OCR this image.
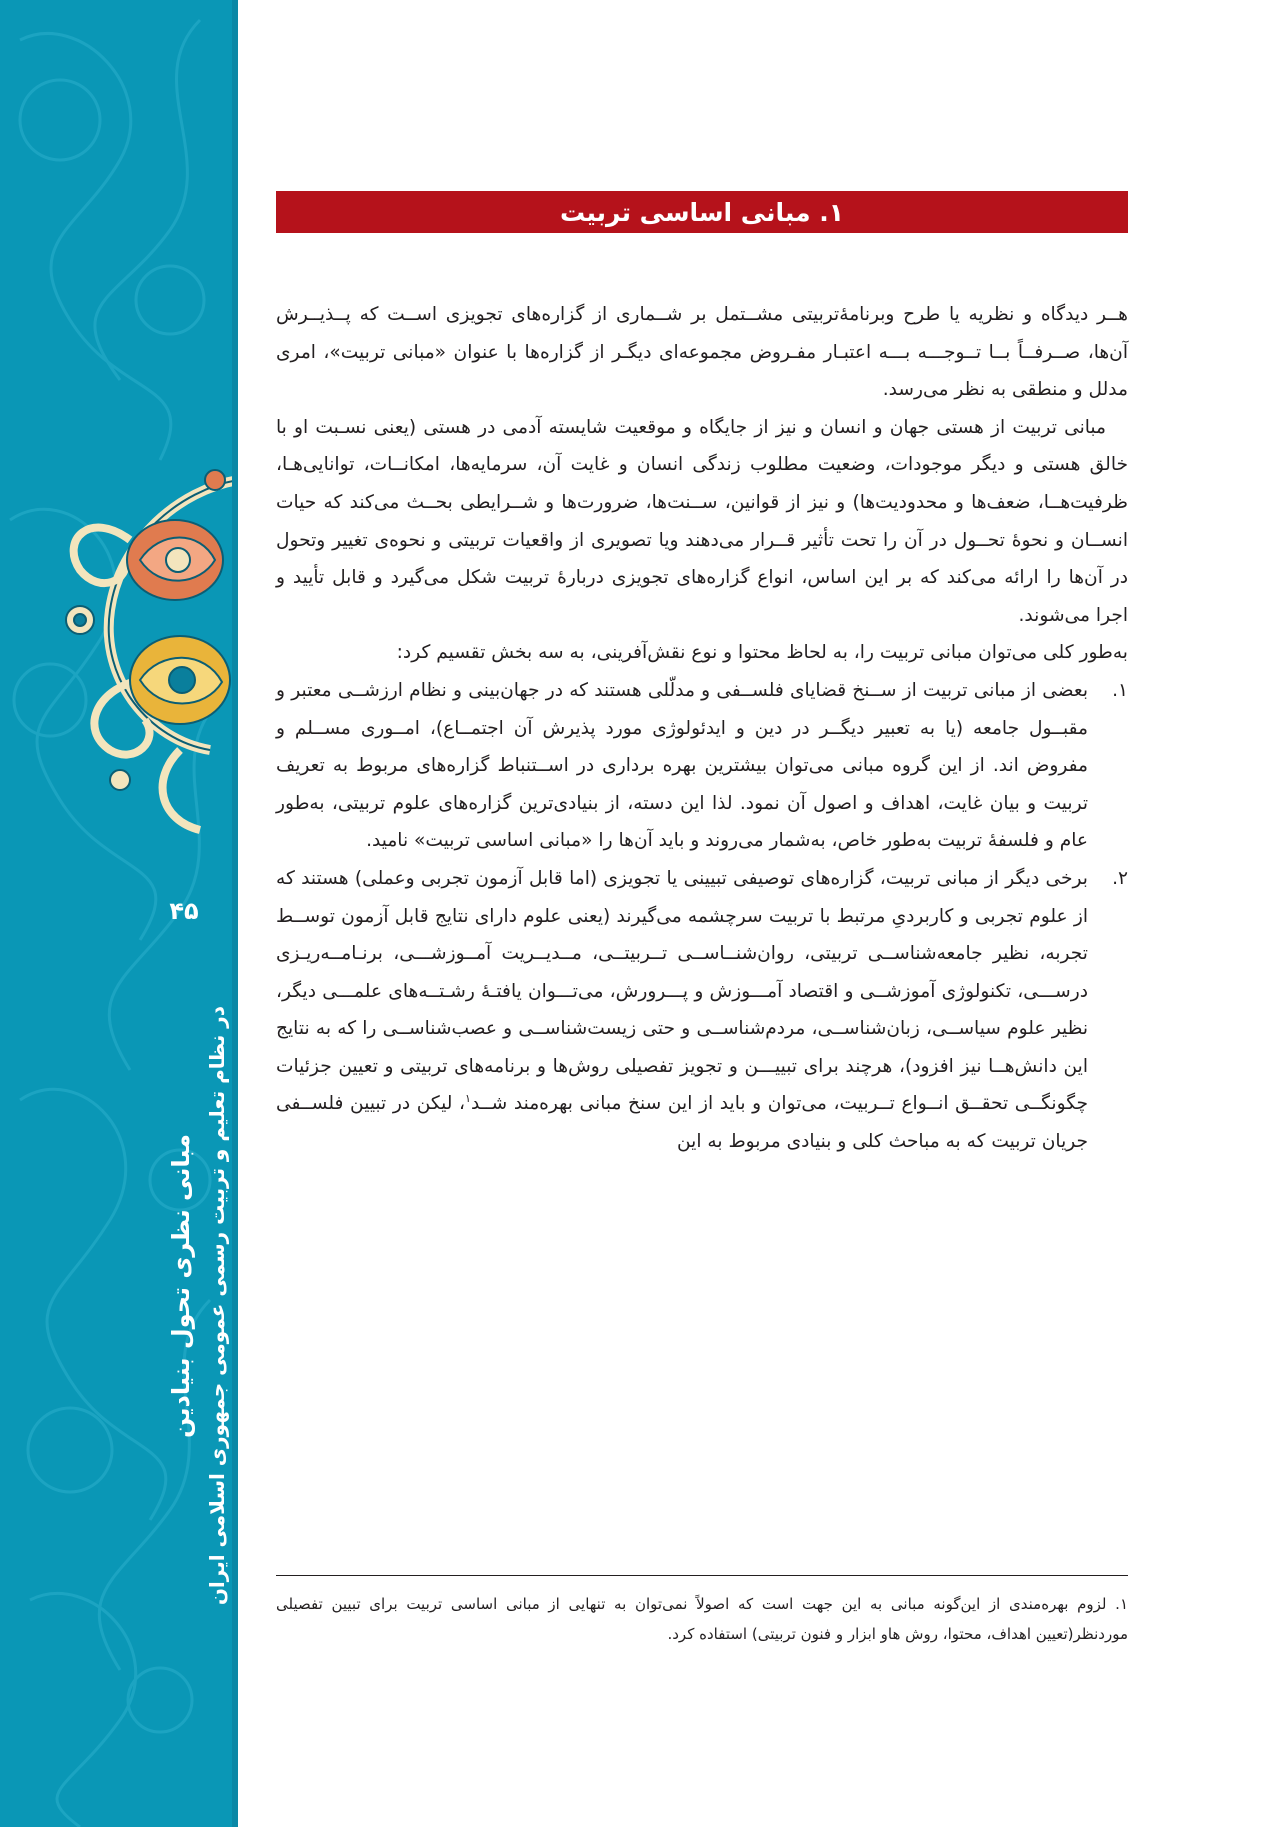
۴۵
مبانی نظری تحول بنیادین در نظام تعلیم و تربیت رسمی عمومی جمهوری اسلامی ایران
۱. مبانی اساسی تربیت

هــر دیدگاه و نظریه یا طرح وبرنامۀتربیتی مشــتمل بر شــماری از گزاره‌های تجویزی اســت که پــذیــرش آن‌ها، صــرفــاً بــا تــوجـــه بـــه اعتبـار مفـروض مجموعه‌ای دیگـر از گزاره‌ها با عنوان «مبانی تربیت»، امری مدلل و منطقی به نظر می‌رسد.

مبانی تربیت از هستی جهان و انسان و نیز از جایگاه و موقعیت شایسته آدمی در هستی (یعنی نسـبت او با خالق هستی و دیگر موجودات، وضعیت مطلوب زندگی انسان و غایت آن، سرمایه‌ها، امکانــات، توانایی‌هـا، ظرفیت‌هــا، ضعف‌ها و محدودیت‌ها) و نیز از قوانین، ســنت‌ها، ضرورت‌ها و شــرایطی بحــث می‌کند که حیات انســان و نحوۀ تحــول در آن را تحت تأثیر قــرار می‌دهند ویا تصویری از واقعیات تربیتی و نحوه‌ی تغییر وتحول در آن‌ها را ارائه می‌کند که بر این اساس، انواع گزاره‌های تجویزی دربارۀ تربیت شکل می‌گیرد و قابل تأیید و اجرا می‌شوند.

به‌طور کلی می‌توان مبانی تربیت را، به لحاظ محتوا و نوع نقش‌آفرینی، به سه بخش تقسیم کرد:

۱.
بعضی از مبانی تربیت از ســنخ قضایای فلســفی و مدلّلی هستند که در جهان‌بینی و نظام ارزشــی معتبر و مقبــول جامعه (یا به تعبیر دیگــر در دین و ایدئولوژی مورد پذیرش آن اجتمــاع)، امــوری مســلم و مفروض اند. از این گروه مبانی می‌توان بیشترین بهره برداری در اســتنباط گزاره‌های مربوط به تعریف تربیت و بیان غایت، اهداف و اصول آن نمود. لذا این دسته، از بنیادی‌ترین گزاره‌های علوم تربیتی، به‌طور عام و فلسفۀ تربیت به‌طور خاص، به‌شمار می‌روند و باید آن‌ها را «مبانی اساسی تربیت» نامید.
۲.
برخی دیگر از مبانی تربیت، گزاره‌های توصیفی تبیینی یا تجویزی (اما قابل آزمون تجربی وعملی) هستند که از علوم تجربی و کاربردیِ مرتبط با تربیت سرچشمه می‌گیرند (یعنی علوم دارای نتایج قابل آزمون توســط تجربه، نظیر جامعه‌شناســی تربیتی، روان‌شنــاســی تــربیتــی، مــدیــریت آمــوزشـــی، برنـامــه‌ریـزی درســـی، تکنولوژی آموزشــی و اقتصاد آمـــوزش و پـــرورش، می‌تـــوان یافتـۀ رشـتــه‌های علمـــی دیگر، نظیر علوم سیاســی، زبان‌شناســی، مردم‌شناســی و حتی زیست‌شناســی و عصب‌شناســی را که به نتایج این دانش‌هــا نیز افزود)، هرچند برای تبییـــن و تجویز تفصیلی روش‌ها و برنامه‌های تربیتی و تعیین جزئیات چگونگــی تحقــق انــواع تــربیت، می‌توان و باید از این سنخ مبانی بهره‌مند شــد$^۱$، لیکن در تبیین فلســفی جریان تربیت که به مباحث کلی و بنیادی مربوط به این
۱. لزوم بهره‌مندی از این‌گونه مبانی به این جهت است که اصولاً نمی‌توان به تنهایی از مبانی اساسی تربیت برای تبیین تفصیلی موردنظر(تعیین اهداف، محتوا، روش هاو ابزار و فنون تربیتی) استفاده کرد.
